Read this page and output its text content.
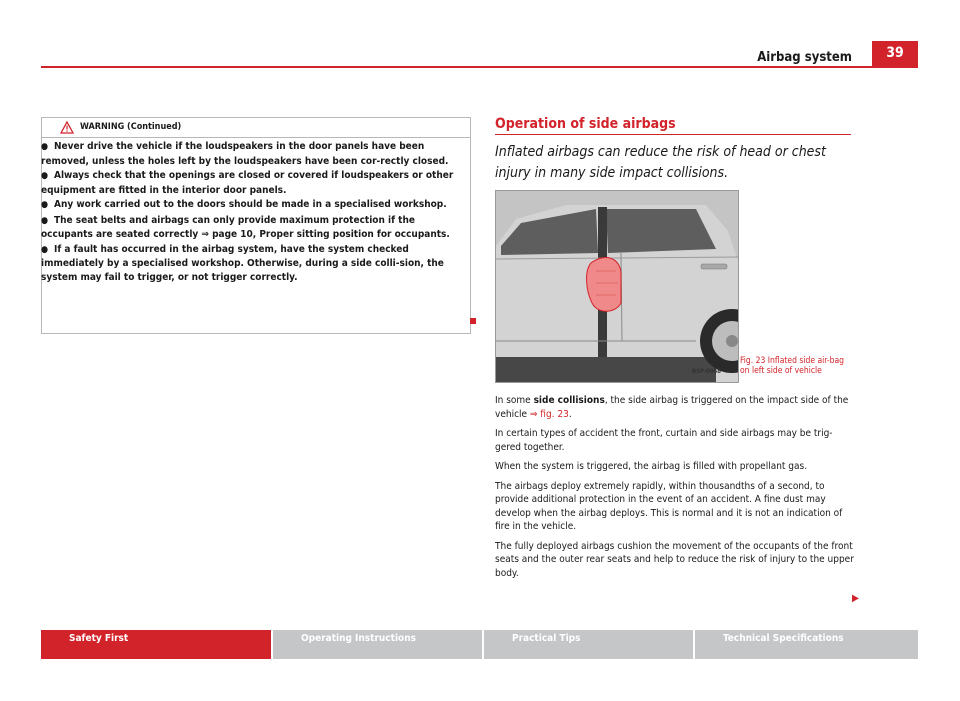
Airbag system	39
WARNING (Continued)

● Never drive the vehicle if the loudspeakers in the door panels have been removed, unless the holes left by the loudspeakers have been cor-rectly closed.

● Always check that the openings are closed or covered if loudspeakers or other equipment are fitted in the interior door panels.

● Any work carried out to the doors should be made in a specialised workshop.

● The seat belts and airbags can only provide maximum protection if the occupants are seated correctly ⇒ page 10, Proper sitting position for occupants.

● If a fault has occurred in the airbag system, have the system checked immediately by a specialised workshop. Otherwise, during a side colli-sion, the system may fail to trigger, or not trigger correctly.

Operation of side airbags
Inflated airbags can reduce the risk of head or chest injury in many side impact collisions.
B5P-0058
Fig. 23 Inflated side air-bag on left side of vehicle

In some side collisions, the side airbag is triggered on the impact side of the vehicle ⇒ fig. 23.

In certain types of accident the front, curtain and side airbags may be trig-gered together.

When the system is triggered, the airbag is filled with propellant gas.

The airbags deploy extremely rapidly, within thousandths of a second, to provide additional protection in the event of an accident. A fine dust may develop when the airbag deploys. This is normal and it is not an indication of fire in the vehicle.

The fully deployed airbags cushion the movement of the occupants of the front seats and the outer rear seats and help to reduce the risk of injury to the upper body.

▶
Safety First	Operating Instructions	Practical Tips	Technical Specifications
